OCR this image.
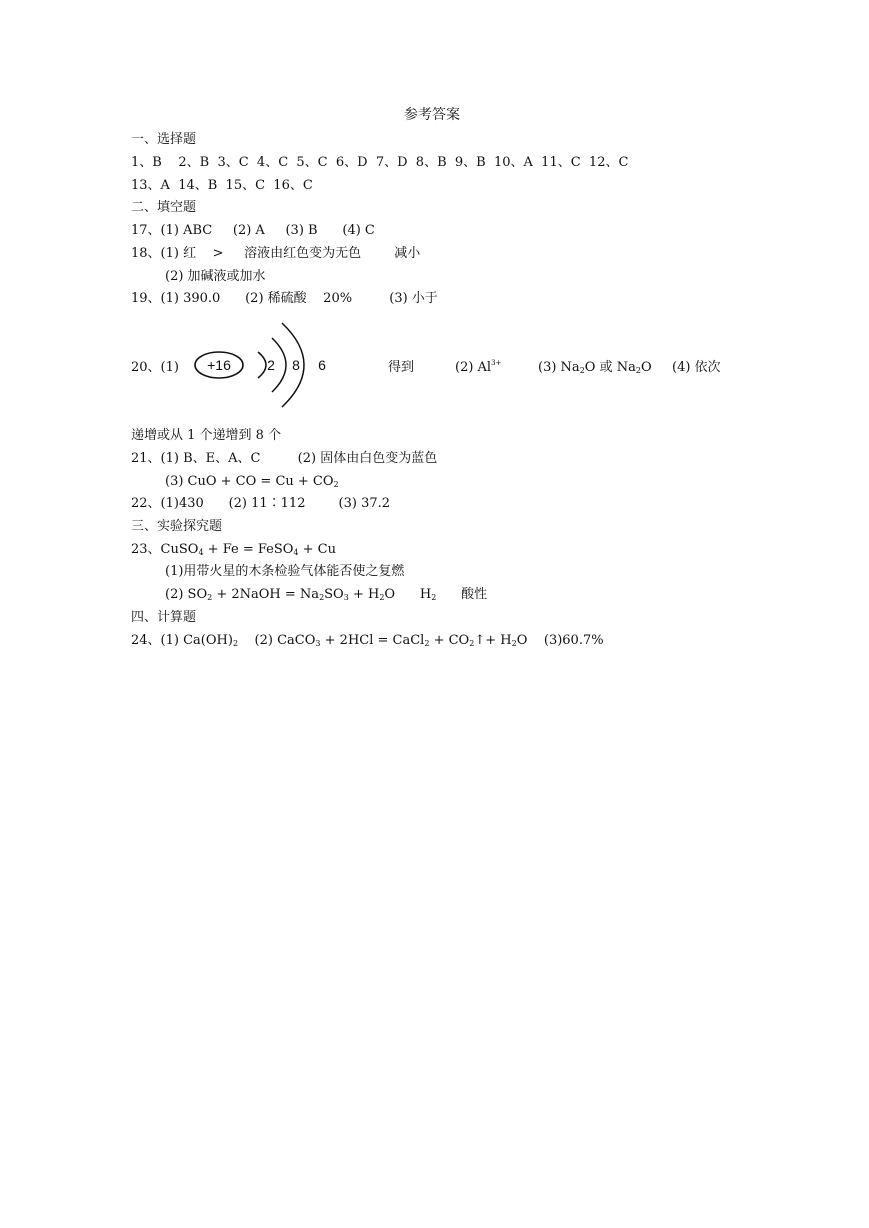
参考答案
一、选择题
1、B    2、B  3、C  4、C  5、C  6、D  7、D  8、B  9、B  10、A  11、C  12、C
13、A  14、B  15、C  16、C
二、填空题
17、(1) ABC     (2) A     (3) B      (4) C
18、(1) 红    >     溶液由红色变为无色        减小
(2) 加碱液或加水
19、(1) 390.0      (2) 稀硫酸    20%         (3) 小于
20、(1) +16	2 8 6	得到	(2) $Al^{3+}$	(3) $Na_2O$ 或 $Na_2O$ (4) 依次
递增或从 1 个递增到 8 个
21、(1) B、E、A、C         (2) 固体由白色变为蓝色
(3) CuO + CO = $Cu + CO_2$
22、(1)430      (2) 11∶112        (3) 37.2
三、实验探究题
23、CuSO$_4$ + Fe = FeSO$_4$ + Cu
(1)用带火星的木条检验气体能否使之复燃
(2) $SO_2$ + 2NaOH = $Na_2SO_3 + H_2O$      $H_2$      酸性
四、计算题
24、(1) $Ca(OH)_2$    (2) CaCO$_3$ + 2HCl = CaCl$_2$ + $CO_2↑+ H_2O$    (3)60.7%
